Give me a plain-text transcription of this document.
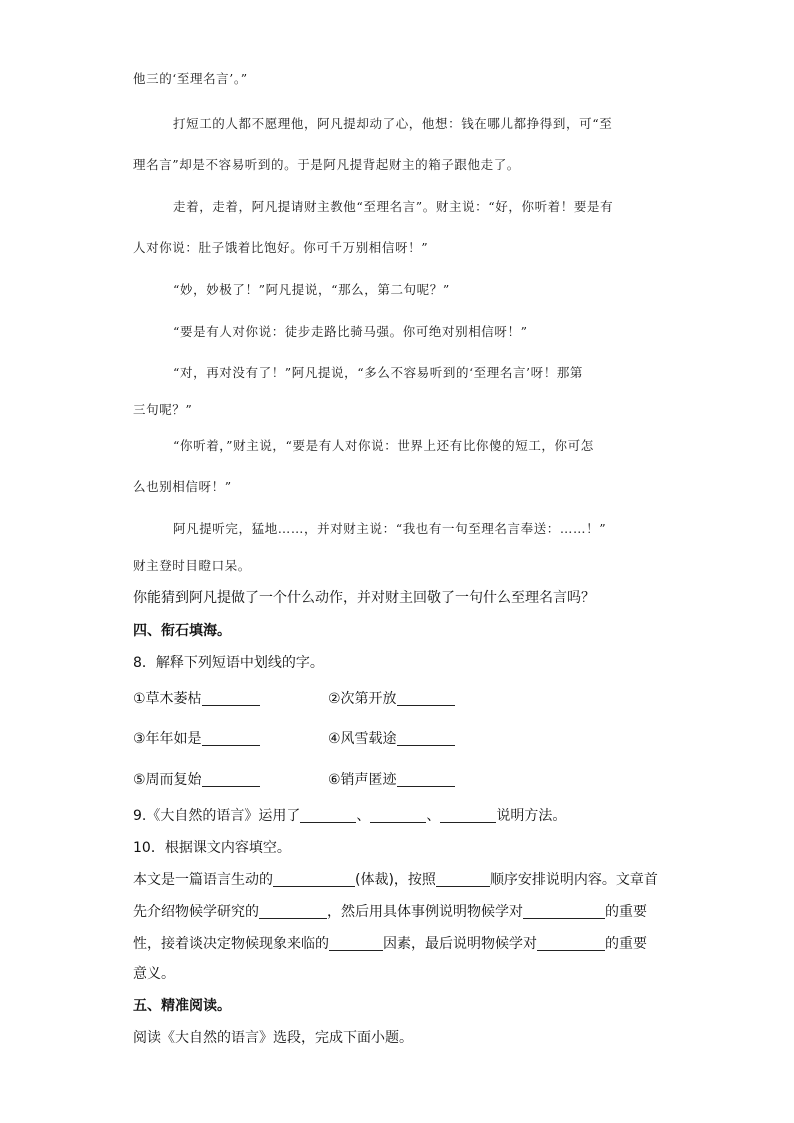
他三的‘至理名言’。”
打短工的人都不愿理他，阿凡提却动了心，他想：钱在哪儿都挣得到，可“至
理名言”却是不容易听到的。于是阿凡提背起财主的箱子跟他走了。
走着，走着，阿凡提请财主教他“至理名言”。财主说：“好，你听着！要是有
人对你说：肚子饿着比饱好。你可千万别相信呀！”
“妙，妙极了！”阿凡提说，“那么，第二句呢？”
“要是有人对你说：徒步走路比骑马强。你可绝对别相信呀！”
“对，再对没有了！”阿凡提说，“多么不容易听到的‘至理名言’呀！那第
三句呢？”
“你听着，”财主说，“要是有人对你说：世界上还有比你傻的短工，你可怎
么也别相信呀！”
阿凡提听完，猛地……，并对财主说：“我也有一句至理名言奉送：……！”
财主登时目瞪口呆。
你能猜到阿凡提做了一个什么动作，并对财主回敬了一句什么至理名言吗？
四、衔石填海。
8．解释下列短语中划线的字。
①草木萎枯	②次第开放
③年年如是	④风雪载途
⑤周而复始	⑥销声匿迹
9.《大自然的语言》运用了	、	、	说明方法。
10．根据课文内容填空。
本文是一篇语言生动的	(体裁)，按照	顺序安排说明内容。文章首
先介绍物候学研究的	，然后用具体事例说明物候学对	的重要
性，接着谈决定物候现象来临的	因素，最后说明物候学对	的重要
意义。
五、精准阅读。
阅读《大自然的语言》选段，完成下面小题。
